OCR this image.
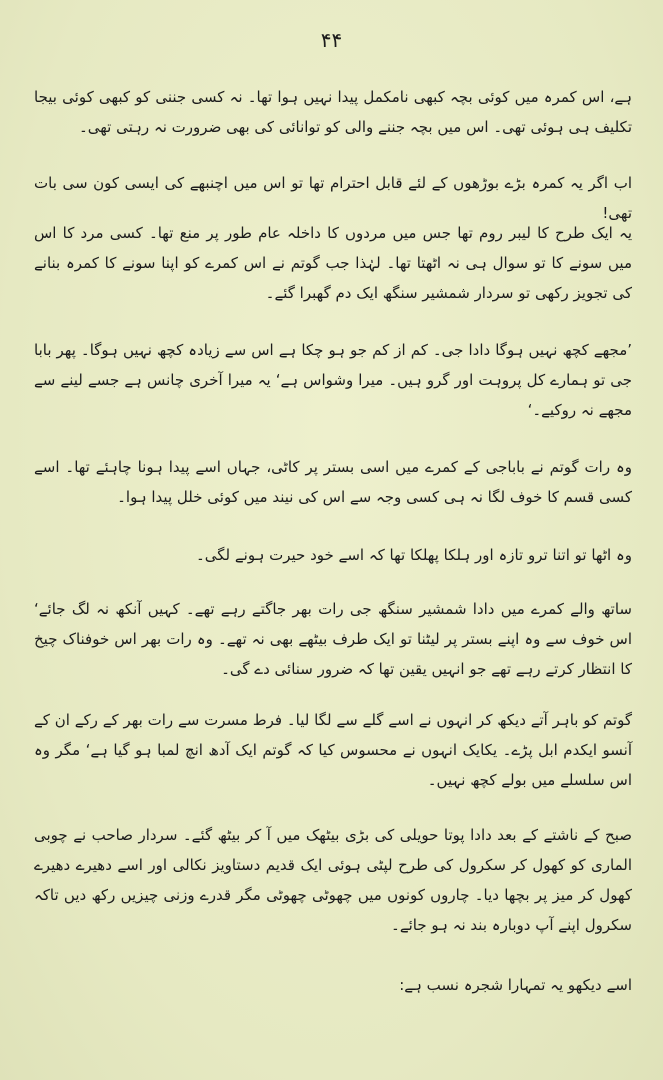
۴۴

ہے، اس کمرہ میں کوئی بچہ کبھی نامکمل پیدا نہیں ہوا تھا۔ نہ کسی جننی کو کبھی کوئی بیجا تکلیف ہی ہوئی تھی۔ اس میں بچہ جننے والی کو توانائی کی بھی ضرورت نہ رہتی تھی۔

اب اگر یہ کمرہ بڑے بوڑھوں کے لئے قابل احترام تھا تو اس میں اچنبھے کی ایسی کون سی بات تھی!

یہ ایک طرح کا لیبر روم تھا جس میں مردوں کا داخلہ عام طور پر منع تھا۔ کسی مرد کا اس میں سونے کا تو سوال ہی نہ اٹھتا تھا۔ لہٰذا جب گوتم نے اس کمرے کو اپنا سونے کا کمرہ بنانے کی تجویز رکھی تو سردار شمشیر سنگھ ایک دم گھبرا گئے۔

’مجھے کچھ نہیں ہوگا دادا جی۔ کم از کم جو ہو چکا ہے اس سے زیادہ کچھ نہیں ہوگا۔ پھر بابا جی تو ہمارے کل پروہت اور گرو ہیں۔ میرا وشواس ہے‘ یہ میرا آخری چانس ہے جسے لینے سے مجھے نہ روکیے۔‘

وہ رات گوتم نے باباجی کے کمرے میں اسی بستر پر کاٹی، جہاں اسے پیدا ہونا چاہئے تھا۔ اسے کسی قسم کا خوف لگا نہ ہی کسی وجہ سے اس کی نیند میں کوئی خلل پیدا ہوا۔

وہ اٹھا تو اتنا ترو تازہ اور ہلکا پھلکا تھا کہ اسے خود حیرت ہونے لگی۔

ساتھ والے کمرے میں دادا شمشیر سنگھ جی رات بھر جاگتے رہے تھے۔ کہیں آنکھ نہ لگ جائے‘ اس خوف سے وہ اپنے بستر پر لیٹنا تو ایک طرف بیٹھے بھی نہ تھے۔ وہ رات بھر اس خوفناک چیخ کا انتظار کرتے رہے تھے جو انہیں یقین تھا کہ ضرور سنائی دے گی۔

گوتم کو باہر آتے دیکھ کر انہوں نے اسے گلے سے لگا لیا۔ فرط مسرت سے رات بھر کے رکے ان کے آنسو ایکدم ابل پڑے۔ یکایک انہوں نے محسوس کیا کہ گوتم ایک آدھ انچ لمبا ہو گیا ہے‘ مگر وہ اس سلسلے میں بولے کچھ نہیں۔

صبح کے ناشتے کے بعد دادا پوتا حویلی کی بڑی بیٹھک میں آ کر بیٹھ گئے۔ سردار صاحب نے چوبی الماری کو کھول کر سکرول کی طرح لپٹی ہوئی ایک قدیم دستاویز نکالی اور اسے دھیرے دھیرے کھول کر میز پر بچھا دیا۔ چاروں کونوں میں چھوٹی چھوٹی مگر قدرے وزنی چیزیں رکھ دیں تاکہ سکرول اپنے آپ دوبارہ بند نہ ہو جائے۔

اسے دیکھو یہ تمہارا شجرہ نسب ہے:
